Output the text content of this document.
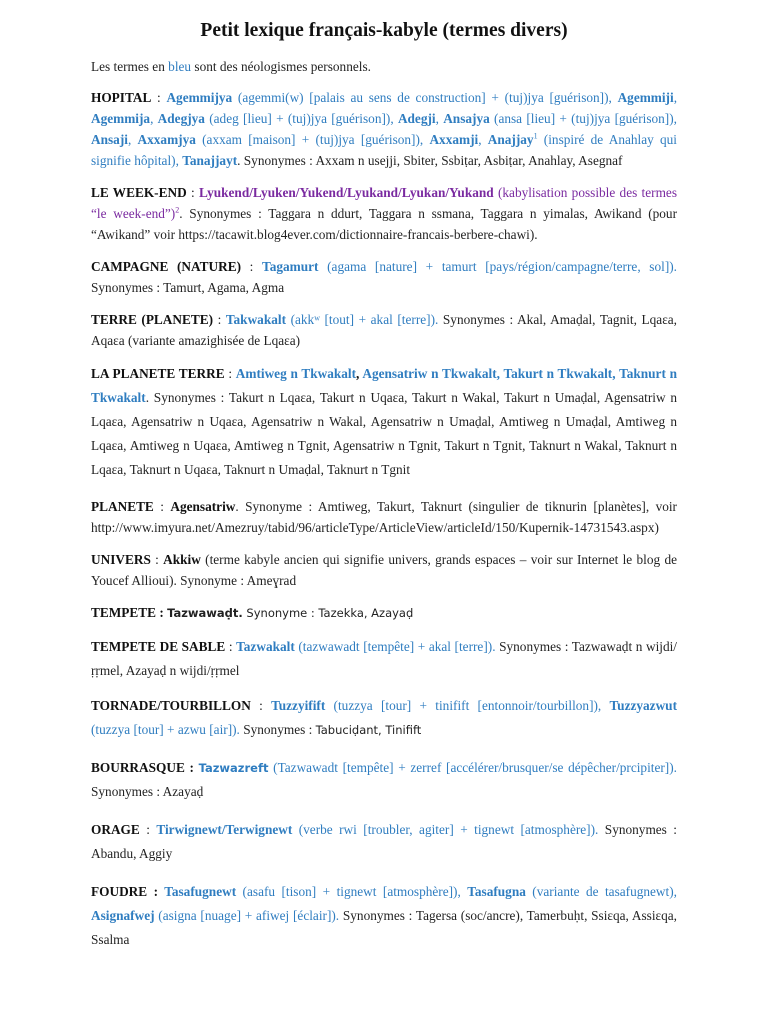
Petit lexique français-kabyle (termes divers)

Les termes en bleu sont des néologismes personnels.

HOPITAL : Agemmijya (agemmi(w) [palais au sens de construction] + (tuj)jya [guérison]), Agemmiji, Agemmija, Adegjya (adeg [lieu] + (tuj)jya [guérison]), Adegji, Ansajya (ansa [lieu] + (tuj)jya [guérison]), Ansaji, Axxamjya (axxam [maison] + (tuj)jya [guérison]), Axxamji, Anajjay$^1$ (inspiré de Anahlay qui signifie hôpital), Tanajjayt. Synonymes : Axxam n usejji, Sbiter, Ssbiṭar, Asbiṭar, Anahlay, Asegnaf

LE WEEK-END : Lyukend/Lyuken/Yukend/Lyukand/Lyukan/Yukand (kabylisation possible des termes “le week-end”)$^2$. Synonymes : Taggara n ddurt, Taggara n ssmana, Taggara n yimalas, Awikand (pour “Awikand” voir https://tacawit.blog4ever.com/dictionnaire-francais-berbere-chawi).

CAMPAGNE (NATURE) : Tagamurt (agama [nature] + tamurt [pays/région/campagne/terre, sol]). Synonymes : Tamurt, Agama, Agma

TERRE (PLANETE) : Takwakalt (akkʷ [tout] + akal [terre]). Synonymes : Akal, Amaḍal, Tagnit, Lqaɛa, Aqaɛa (variante amazighisée de Lqaɛa)

LA PLANETE TERRE : Amtiweg n Tkwakalt, Agensatriw n Tkwakalt, Takurt n Tkwakalt, Taknurt n Tkwakalt. Synonymes : Takurt n Lqaɛa, Takurt n Uqaɛa, Takurt n Wakal, Takurt n Umaḍal, Agensatriw n Lqaɛa, Agensatriw n Uqaɛa, Agensatriw n Wakal, Agensatriw n Umaḍal, Amtiweg n Umaḍal, Amtiweg n Lqaɛa, Amtiweg n Uqaɛa, Amtiweg n Tgnit, Agensatriw n Tgnit, Takurt n Tgnit, Taknurt n Wakal, Taknurt n Lqaɛa, Taknurt n Uqaɛa, Taknurt n Umaḍal, Taknurt n Tgnit

PLANETE : Agensatriw. Synonyme : Amtiweg, Takurt, Taknurt (singulier de tiknurin [planètes], voir http://www.imyura.net/Amezruy/tabid/96/articleType/ArticleView/articleId/150/Kupernik-14731543.aspx)

UNIVERS : Akkiw (terme kabyle ancien qui signifie univers, grands espaces – voir sur Internet le blog de Youcef Allioui). Synonyme : Ameɣrad

TEMPETE : Tazwawaḍt. Synonyme : Tazekka, Azayaḍ

TEMPETE DE SABLE : Tazwakalt (tazwawadt [tempête] + akal [terre]). Synonymes : Tazwawaḍt n wijdi/ṛṛmel, Azayaḍ n wijdi/ṛṛmel

TORNADE/TOURBILLON : Tuzzyifift (tuzzya [tour] + tinifift [entonnoir/tourbillon]), Tuzzyazwut (tuzzya [tour] + azwu [air]). Synonymes : Tabuciḍant, Tinifift

BOURRASQUE : Tazwazreft (Tazwawadt [tempête] + zerref [accélérer/brusquer/se dépêcher/prcipiter]). Synonymes : Azayaḍ

ORAGE : Tirwignewt/Terwignewt (verbe rwi [troubler, agiter] + tignewt [atmosphère]). Synonymes : Abandu, Aggiy

FOUDRE : Tasafugnewt (asafu [tison] + tignewt [atmosphère]), Tasafugna (variante de tasafugnewt), Asignafwej (asigna [nuage] + afiwej [éclair]). Synonymes : Tagersa (soc/ancre), Tamerbuḥt, Ssiɛqa, Assiɛqa, Ssalma
